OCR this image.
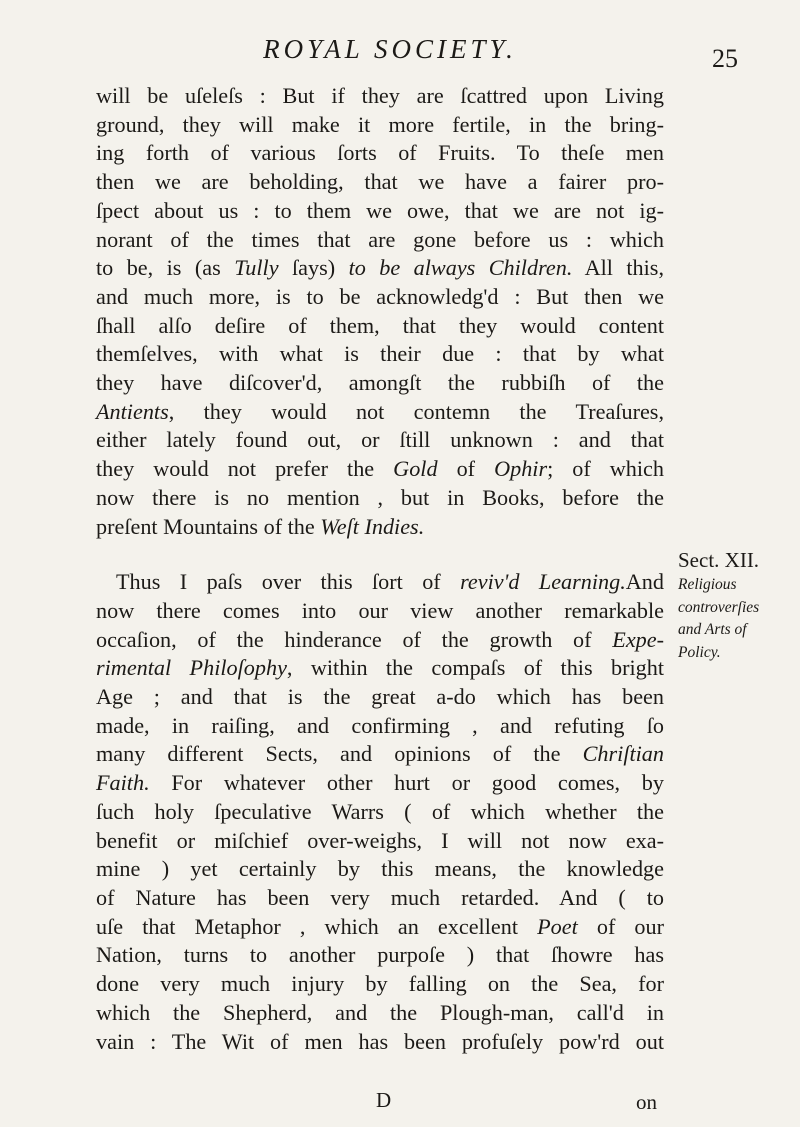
ROYAL SOCIETY.	25
will be uſeleſs : But if they are ſcattred upon Living
ground, they will make it more fertile, in the bring-
ing forth of various ſorts of Fruits. To theſe men
then we are beholding, that we have a fairer pro-
ſpect about us : to them we owe, that we are not ig-
norant of the times that are gone before us : which
to be, is (as Tully ſays) to be always Children. All this,
and much more, is to be acknowledg'd : But then we
ſhall alſo deſire of them, that they would content
themſelves, with what is their due : that by what
they have diſcover'd, amongſt the rubbiſh of the
Antients, they would not contemn the Treaſures,
either lately found out, or ſtill unknown : and that
they would not prefer the Gold of Ophir; of which
now there is no mention , but in Books, before the
preſent Mountains of the Weſt Indies.
Thus I paſs over this ſort of reviv'd Learning.And
now there comes into our view another remarkable
occaſion, of the hinderance of the growth of Expe-
rimental Philoſophy, within the compaſs of this bright
Age ; and that is the great a-do which has been
made, in raiſing, and confirming , and refuting ſo
many different Sects, and opinions of the Chriſtian
Faith. For whatever other hurt or good comes, by
ſuch holy ſpeculative Warrs ( of which whether the
benefit or miſchief over-weighs, I will not now exa-
mine ) yet certainly by this means, the knowledge
of Nature has been very much retarded. And ( to
uſe that Metaphor , which an excellent Poet of our
Nation, turns to another purpoſe ) that ſhowre has
done very much injury by falling on the Sea, for
which the Shepherd, and the Plough-man, call'd in
vain : The Wit of men has been profuſely pow'rd out
Sect. XII.
Religious
controverſies
and Arts of
Policy.
D	on
